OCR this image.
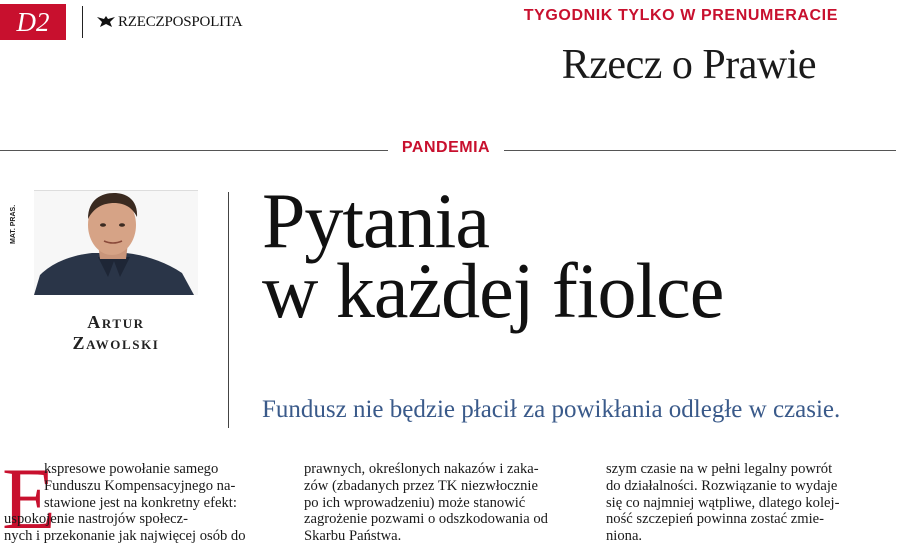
D2	RZECZPOSPOLITA	TYGODNIK TYLKO W PRENUMERACIE
Rzecz o Prawie
PANDEMIA
MAT. PRAS.
Artur
Zawolski
Pytania
w każdej fiolce
Fundusz nie będzie płacił za powikłania odległe w czasie.
E

kspresowe powołanie samego

Funduszu Kompensacyjnego na-

stawione jest na konkretny efekt:

uspokojenie nastrojów społecz-

nych i przekonanie jak najwięcej osób do

prawnych, określonych nakazów i zaka-

zów (zbadanych przez TK niezwłocznie

po ich wprowadzeniu) może stanowić

zagrożenie pozwami o odszkodowania od

Skarbu Państwa.

szym czasie na w pełni legalny powrót

do działalności. Rozwiązanie to wydaje

się co najmniej wątpliwe, dlatego kolej-

ność szczepień powinna zostać zmie-

niona.
